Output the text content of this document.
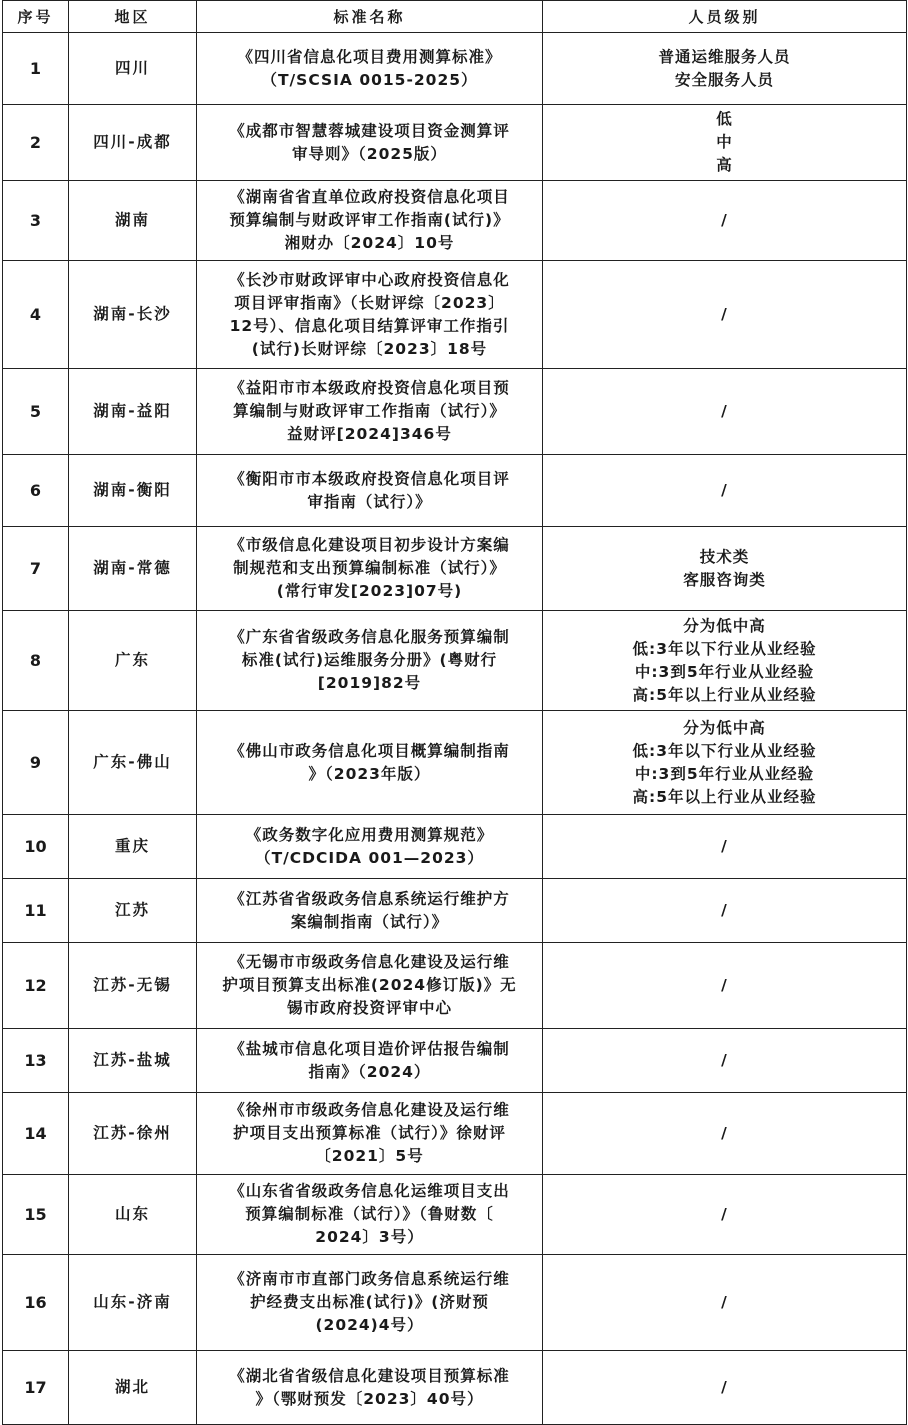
序号	地区	标准名称	人员级别
1	四川	《四川省信息化项目费用测算标准》
（T/SCSIA 0015-2025）	普通运维服务人员
安全服务人员

2	四川-成都	《成都市智慧蓉城建设项目资金测算评
审导则》（2025版）	低
中
高

3	湖南	《湖南省省直单位政府投资信息化项目
预算编制与财政评审工作指南(试行)》
湘财办〔2024〕10号	/

4	湖南-长沙	《长沙市财政评审中心政府投资信息化
项目评审指南》（长财评综〔2023〕
12号）、信息化项目结算评审工作指引
(试行)长财评综〔2023〕18号	/

5	湖南-益阳	《益阳市市本级政府投资信息化项目预
算编制与财政评审工作指南（试行）》
益财评[2024]346号	/

6	湖南-衡阳	《衡阳市市本级政府投资信息化项目评
审指南（试行）》	/

7	湖南-常德	《市级信息化建设项目初步设计方案编
制规范和支出预算编制标准（试行）》
(常行审发[2023]07号)	技术类
客服咨询类

8	广东	《广东省省级政务信息化服务预算编制
标准(试行)运维服务分册》(粤财行
[2019]82号	分为低中高
低:3年以下行业从业经验
中:3到5年行业从业经验
高:5年以上行业从业经验

9	广东-佛山	《佛山市政务信息化项目概算编制指南
》（2023年版）	分为低中高
低:3年以下行业从业经验
中:3到5年行业从业经验
高:5年以上行业从业经验

10	重庆	《政务数字化应用费用测算规范》
（T/CDCIDA 001—2023）	/

11	江苏	《江苏省省级政务信息系统运行维护方
案编制指南（试行）》	/

12	江苏-无锡	《无锡市市级政务信息化建设及运行维
护项目预算支出标准(2024修订版)》无
锡市政府投资评审中心	/

13	江苏-盐城	《盐城市信息化项目造价评估报告编制
指南》（2024）	/

14	江苏-徐州	《徐州市市级政务信息化建设及运行维
护项目支出预算标准（试行）》徐财评
〔2021〕5号	/

15	山东	《山东省省级政务信息化运维项目支出
预算编制标准（试行）》（鲁财数〔
2024〕3号）	/

16	山东-济南	《济南市市直部门政务信息系统运行维
护经费支出标准(试行)》(济财预
(2024)4号）	/

17	湖北	《湖北省省级信息化建设项目预算标准
》（鄂财预发〔2023〕40号）	/
